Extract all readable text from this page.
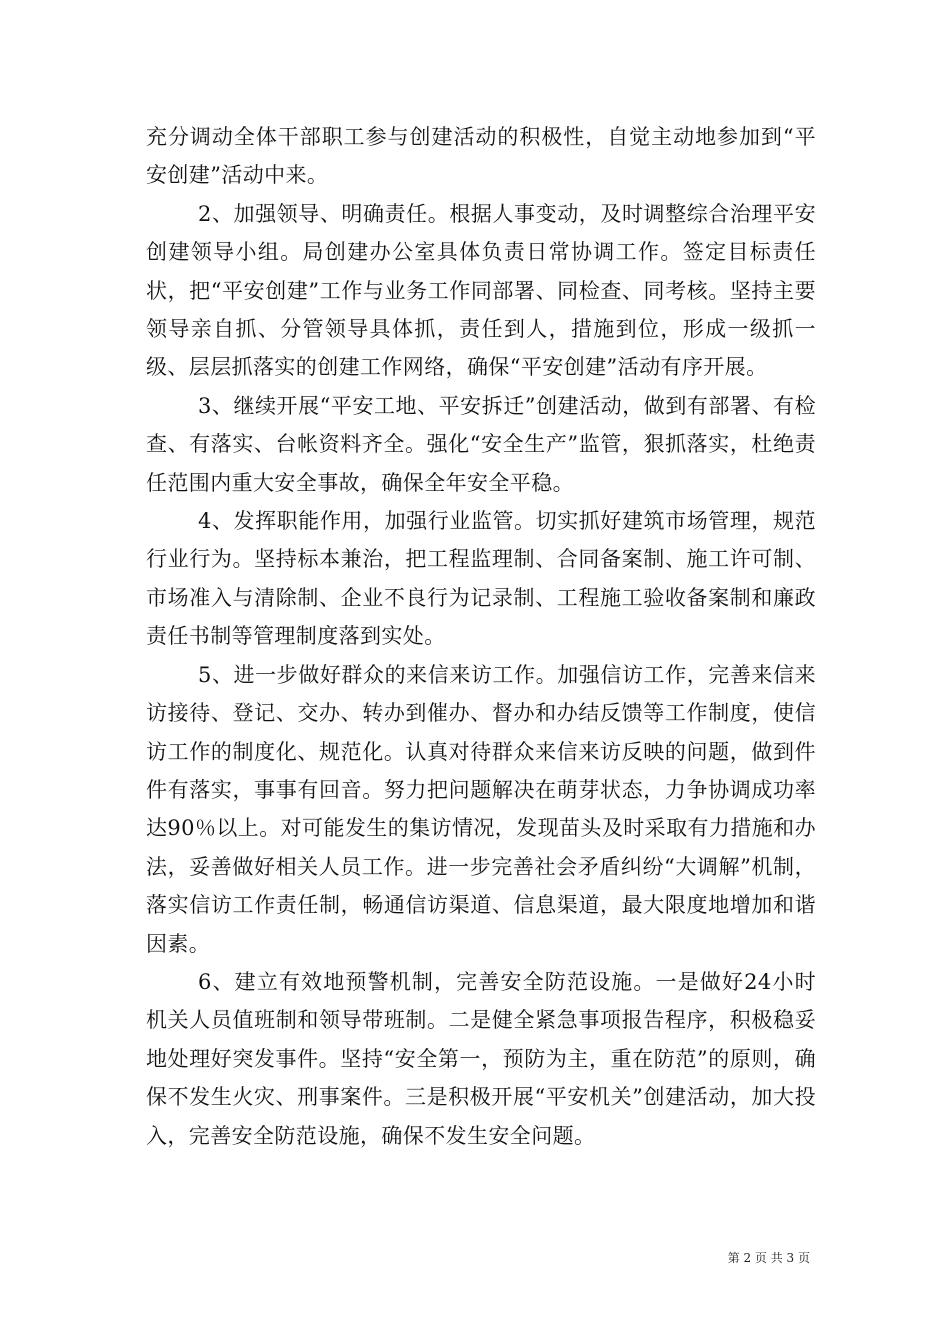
充分调动全体干部职工参与创建活动的积极性，自觉主动地参加到“平安创建”活动中来。

2、加强领导、明确责任。根据人事变动，及时调整综合治理平安创建领导小组。局创建办公室具体负责日常协调工作。签定目标责任状，把“平安创建”工作与业务工作同部署、同检查、同考核。坚持主要领导亲自抓、分管领导具体抓，责任到人，措施到位，形成一级抓一级、层层抓落实的创建工作网络，确保“平安创建”活动有序开展。

3、继续开展“平安工地、平安拆迁”创建活动，做到有部署、有检查、有落实、台帐资料齐全。强化“安全生产”监管，狠抓落实，杜绝责任范围内重大安全事故，确保全年安全平稳。

4、发挥职能作用，加强行业监管。切实抓好建筑市场管理，规范行业行为。坚持标本兼治，把工程监理制、合同备案制、施工许可制、市场准入与清除制、企业不良行为记录制、工程施工验收备案制和廉政责任书制等管理制度落到实处。

5、进一步做好群众的来信来访工作。加强信访工作，完善来信来访接待、登记、交办、转办到催办、督办和办结反馈等工作制度，使信访工作的制度化、规范化。认真对待群众来信来访反映的问题，做到件件有落实，事事有回音。努力把问题解决在萌芽状态，力争协调成功率达90％以上。对可能发生的集访情况，发现苗头及时采取有力措施和办法，妥善做好相关人员工作。进一步完善社会矛盾纠纷“大调解”机制，落实信访工作责任制，畅通信访渠道、信息渠道，最大限度地增加和谐因素。

6、建立有效地预警机制，完善安全防范设施。一是做好24小时机关人员值班制和领导带班制。二是健全紧急事项报告程序，积极稳妥地处理好突发事件。坚持“安全第一，预防为主，重在防范”的原则，确保不发生火灾、刑事案件。三是积极开展“平安机关”创建活动，加大投入，完善安全防范设施，确保不发生安全问题。

第 2 页 共 3 页
